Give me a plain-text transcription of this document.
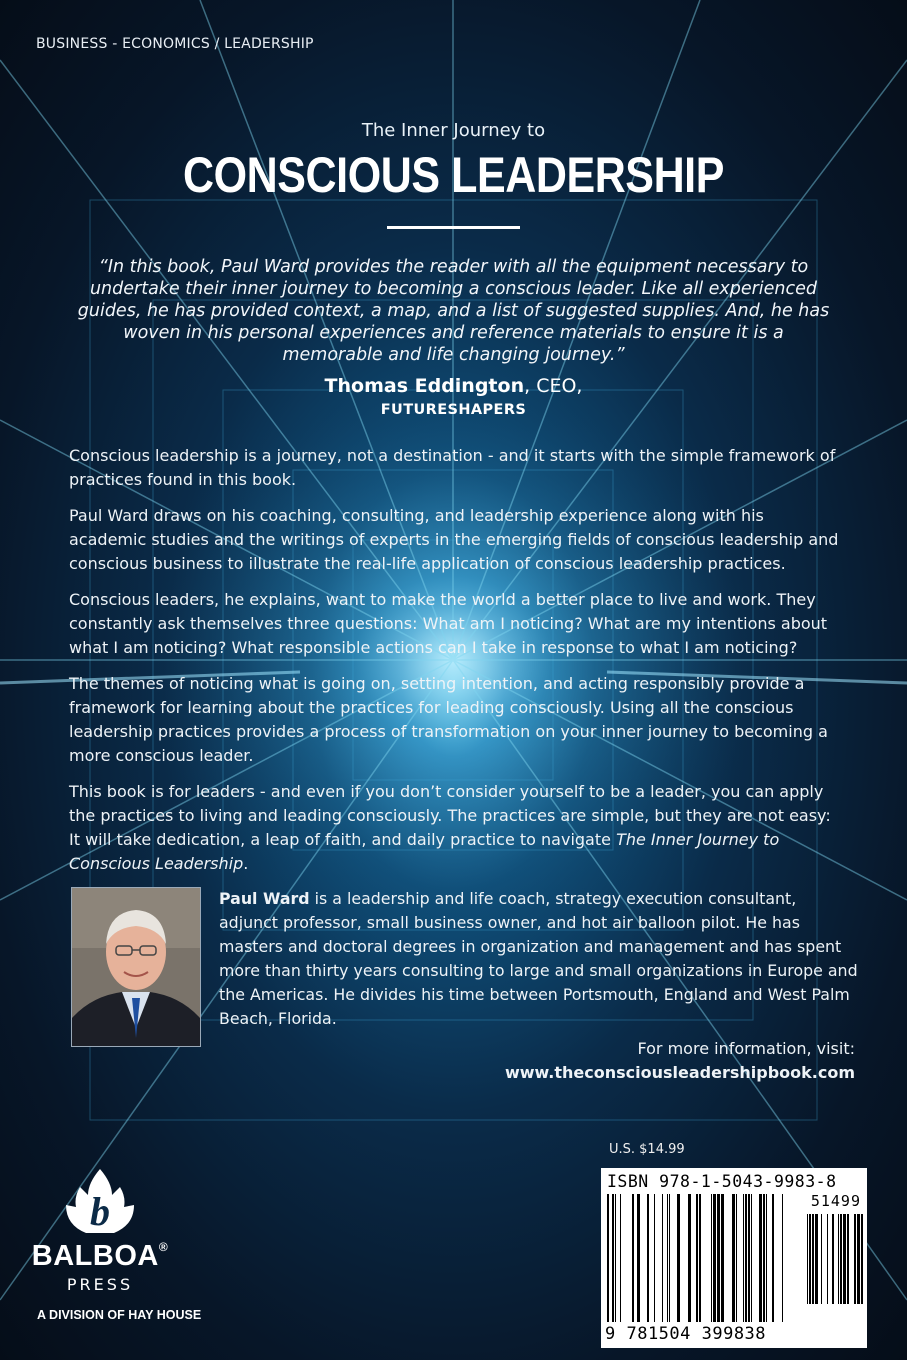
BUSINESS - ECONOMICS / LEADERSHIP
The Inner Journey to
CONSCIOUS LEADERSHIP
“In this book, Paul Ward provides the reader with all the equipment necessary to undertake their inner journey to becoming a conscious leader. Like all experienced guides, he has provided context, a map, and a list of suggested supplies. And, he has woven in his personal experiences and reference materials to ensure it is a memorable and life changing journey.”
Thomas Eddington, CEO,
FUTURESHAPERS

Conscious leadership is a journey, not a destination - and it starts with the simple framework of practices found in this book.

Paul Ward draws on his coaching, consulting, and leadership experience along with his academic studies and the writings of experts in the emerging fields of conscious leadership and conscious business to illustrate the real-life application of conscious leadership practices.

Conscious leaders, he explains, want to make the world a better place to live and work. They constantly ask themselves three questions: What am I noticing? What are my intentions about what I am noticing? What responsible actions can I take in response to what I am noticing?

The themes of noticing what is going on, setting intention, and acting responsibly provide a framework for learning about the practices for leading consciously. Using all the conscious leadership practices provides a process of transformation on your inner journey to becoming a more conscious leader.

This book is for leaders - and even if you don’t consider yourself to be a leader, you can apply the practices to living and leading consciously. The practices are simple, but they are not easy: It will take dedication, a leap of faith, and daily practice to navigate The Inner Journey to Conscious Leadership.

Paul Ward is a leadership and life coach, strategy execution consultant, adjunct professor, small business owner, and hot air balloon pilot. He has masters and doctoral degrees in organization and management and has spent more than thirty years consulting to large and small organizations in Europe and the Americas. He divides his time between Portsmouth, England and West Palm Beach, Florida.
For more information, visit:
www.theconsciousleadershipbook.com
U.S. $14.99
ISBN 978-1-5043-9983-8
51499
9 781504 399838
b
BALBOA®
PRESS
A DIVISION OF HAY HOUSE
